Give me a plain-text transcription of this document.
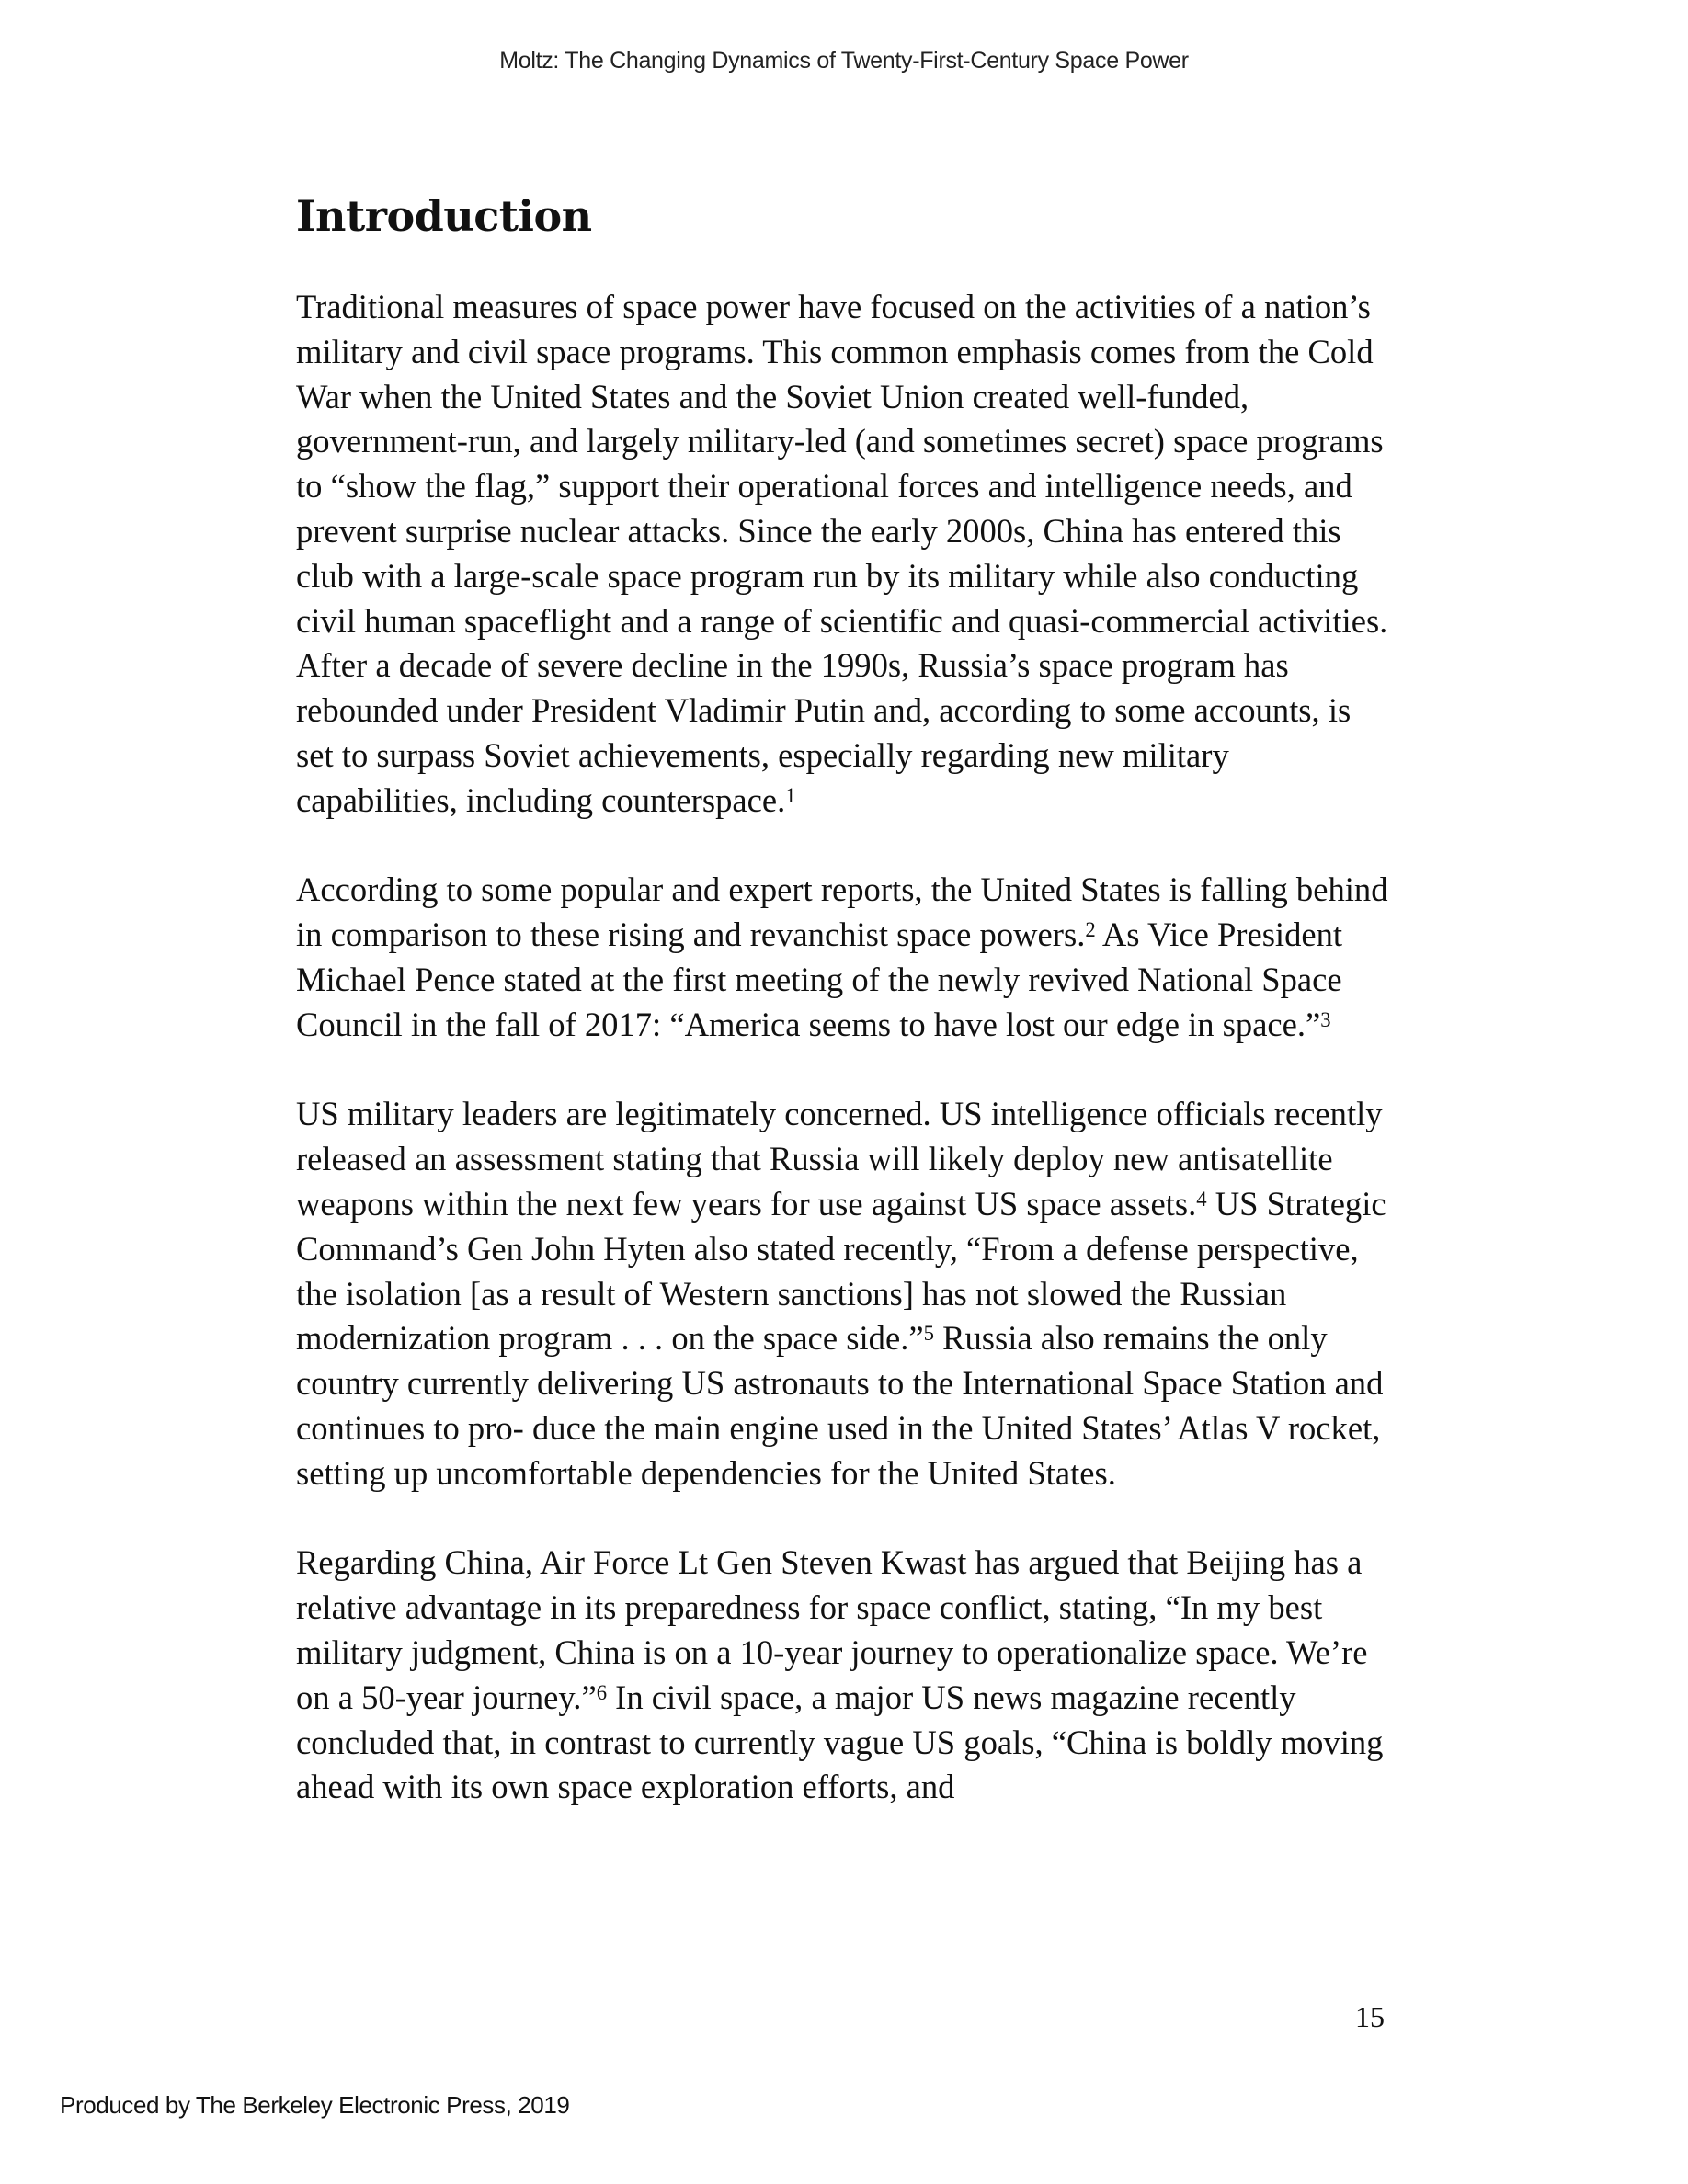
Moltz: The Changing Dynamics of Twenty-First-Century Space Power
Introduction

Traditional measures of space power have focused on the activities of a nation’s military and civil space programs. This common emphasis comes from the Cold War when the United States and the Soviet Union created well-funded, government-run, and largely military-led (and sometimes secret) space programs to “show the flag,” support their operational forces and intelligence needs, and prevent surprise nuclear attacks. Since the early 2000s, China has entered this club with a large-scale space program run by its military while also conducting civil human spaceflight and a range of scientific and quasi-commercial activities. After a decade of severe decline in the 1990s, Russia’s space program has rebounded under President Vladimir Putin and, according to some accounts, is set to surpass Soviet achievements, especially regarding new military capabilities, including counterspace.$^1$

According to some popular and expert reports, the United States is falling behind in comparison to these rising and revanchist space powers.$^2$ As Vice President Michael Pence stated at the first meeting of the newly revived National Space Council in the fall of 2017: “America seems to have lost our edge in space.”$^3$

US military leaders are legitimately concerned. US intelligence officials recently released an assessment stating that Russia will likely deploy new antisatellite weapons within the next few years for use against US space assets.$^4$ US Strategic Command’s Gen John Hyten also stated recently, “From a defense perspective, the isolation [as a result of Western sanctions] has not slowed the Russian modernization program . . . on the space side.”$^5$ Russia also remains the only country currently delivering US astronauts to the International Space Station and continues to pro- duce the main engine used in the United States’ Atlas V rocket, setting up uncomfortable dependencies for the United States.

Regarding China, Air Force Lt Gen Steven Kwast has argued that Beijing has a relative advantage in its preparedness for space conflict, stating, “In my best military judgment, China is on a 10-year journey to operationalize space. We’re on a 50-year journey.”$^6$ In civil space, a major US news magazine recently concluded that, in contrast to currently vague US goals, “China is boldly moving ahead with its own space exploration efforts, and

15
Produced by The Berkeley Electronic Press, 2019
